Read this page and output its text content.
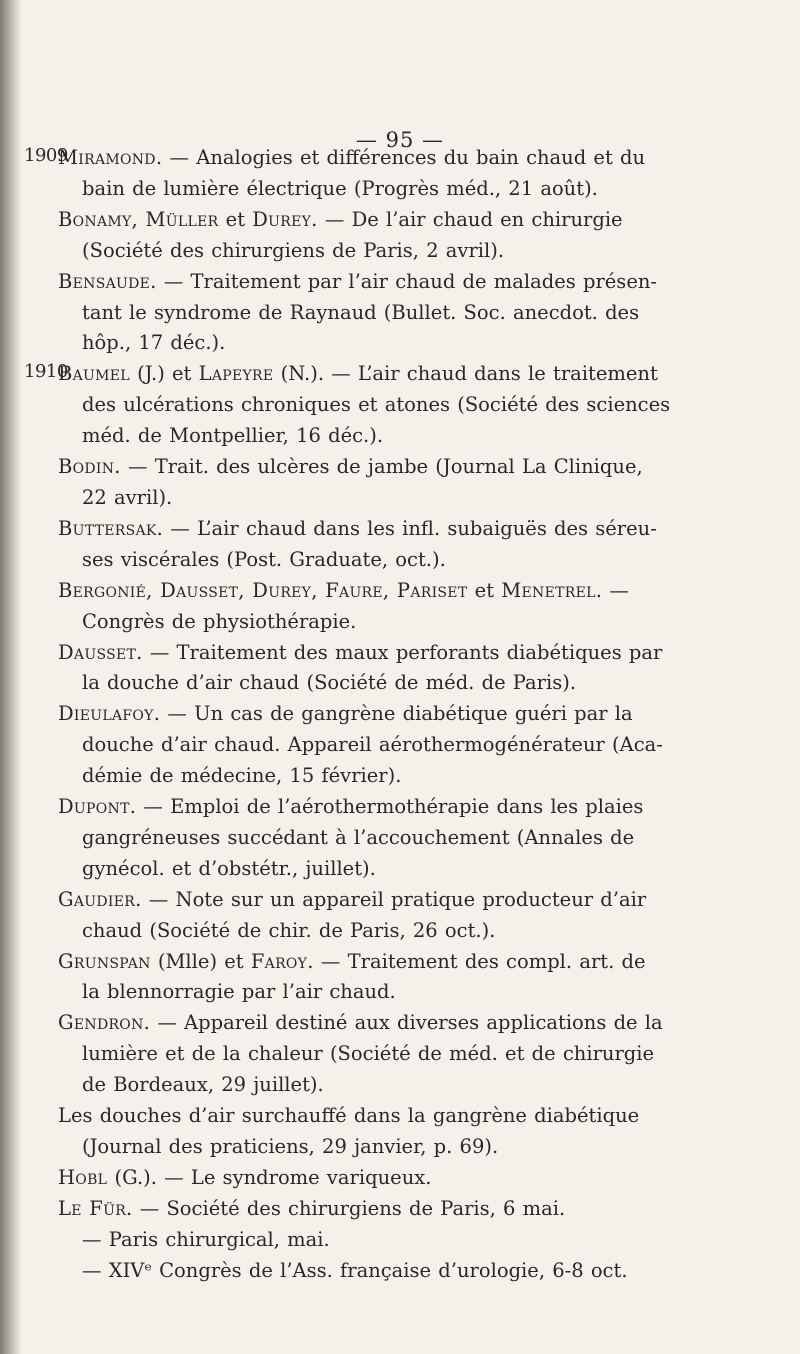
— 95 —
1909
Miramond. — Analogies et différences du bain chaud et du
bain de lumière électrique (Progrès méd., 21 août).
Bonamy, Müller et Durey. — De l’air chaud en chirurgie
(Société des chirurgiens de Paris, 2 avril).
Bensaude. — Traitement par l’air chaud de malades présen-
tant le syndrome de Raynaud (Bullet. Soc. anecdot. des
hôp., 17 déc.).
1910
Baumel (J.) et Lapeyre (N.). — L’air chaud dans le traitement
des ulcérations chroniques et atones (Société des sciences
méd. de Montpellier, 16 déc.).
Bodin. — Trait. des ulcères de jambe (Journal La Clinique,
22 avril).
Buttersak. — L’air chaud dans les infl. subaiguës des séreu-
ses viscérales (Post. Graduate, oct.).
Bergonié, Dausset, Durey, Faure, Pariset et Menetrel. —
Congrès de physiothérapie.
Dausset. — Traitement des maux perforants diabétiques par
la douche d’air chaud (Société de méd. de Paris).
Dieulafoy. — Un cas de gangrène diabétique guéri par la
douche d’air chaud. Appareil aérothermogénérateur (Aca-
démie de médecine, 15 février).
Dupont. — Emploi de l’aérothermothérapie dans les plaies
gangréneuses succédant à l’accouchement (Annales de
gynécol. et d’obstétr., juillet).
Gaudier. — Note sur un appareil pratique producteur d’air
chaud (Société de chir. de Paris, 26 oct.).
Grunspan (Mlle) et Faroy. — Traitement des compl. art. de
la blennorragie par l’air chaud.
Gendron. — Appareil destiné aux diverses applications de la
lumière et de la chaleur (Société de méd. et de chirurgie
de Bordeaux, 29 juillet).
Les douches d’air surchauffé dans la gangrène diabétique
(Journal des praticiens, 29 janvier, p. 69).
Hobl (G.). — Le syndrome variqueux.
Le Für. — Société des chirurgiens de Paris, 6 mai.
— Paris chirurgical, mai.
— XIVᵉ Congrès de l’Ass. française d’urologie, 6-8 oct.
